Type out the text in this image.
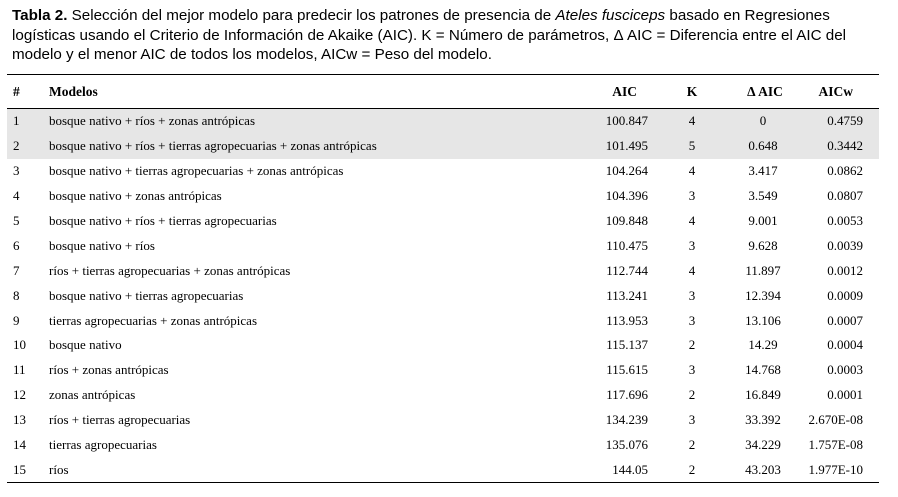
Tabla 2. Selección del mejor modelo para predecir los patrones de presencia de Ateles fusciceps basado en Regresiones logísticas usando el Criterio de Información de Akaike (AIC). K = Número de parámetros, Δ AIC = Diferencia entre el AIC del modelo y el menor AIC de todos los modelos, AICw = Peso del modelo.
#	Modelos	AIC	K	Δ AIC	AICw
1	bosque nativo + ríos + zonas antrópicas	100.847	4	0	0.4759
2	bosque nativo + ríos + tierras agropecuarias + zonas antrópicas	101.495	5	0.648	0.3442
3	bosque nativo + tierras agropecuarias + zonas antrópicas	104.264	4	3.417	0.0862
4	bosque nativo + zonas antrópicas	104.396	3	3.549	0.0807
5	bosque nativo + ríos + tierras agropecuarias	109.848	4	9.001	0.0053
6	bosque nativo + ríos	110.475	3	9.628	0.0039
7	ríos + tierras agropecuarias + zonas antrópicas	112.744	4	11.897	0.0012
8	bosque nativo + tierras agropecuarias	113.241	3	12.394	0.0009
9	tierras agropecuarias + zonas antrópicas	113.953	3	13.106	0.0007
10	bosque nativo	115.137	2	14.29	0.0004
11	ríos + zonas antrópicas	115.615	3	14.768	0.0003
12	zonas antrópicas	117.696	2	16.849	0.0001
13	ríos + tierras agropecuarias	134.239	3	33.392	2.670E-08
14	tierras agropecuarias	135.076	2	34.229	1.757E-08
15	ríos	144.05	2	43.203	1.977E-10
